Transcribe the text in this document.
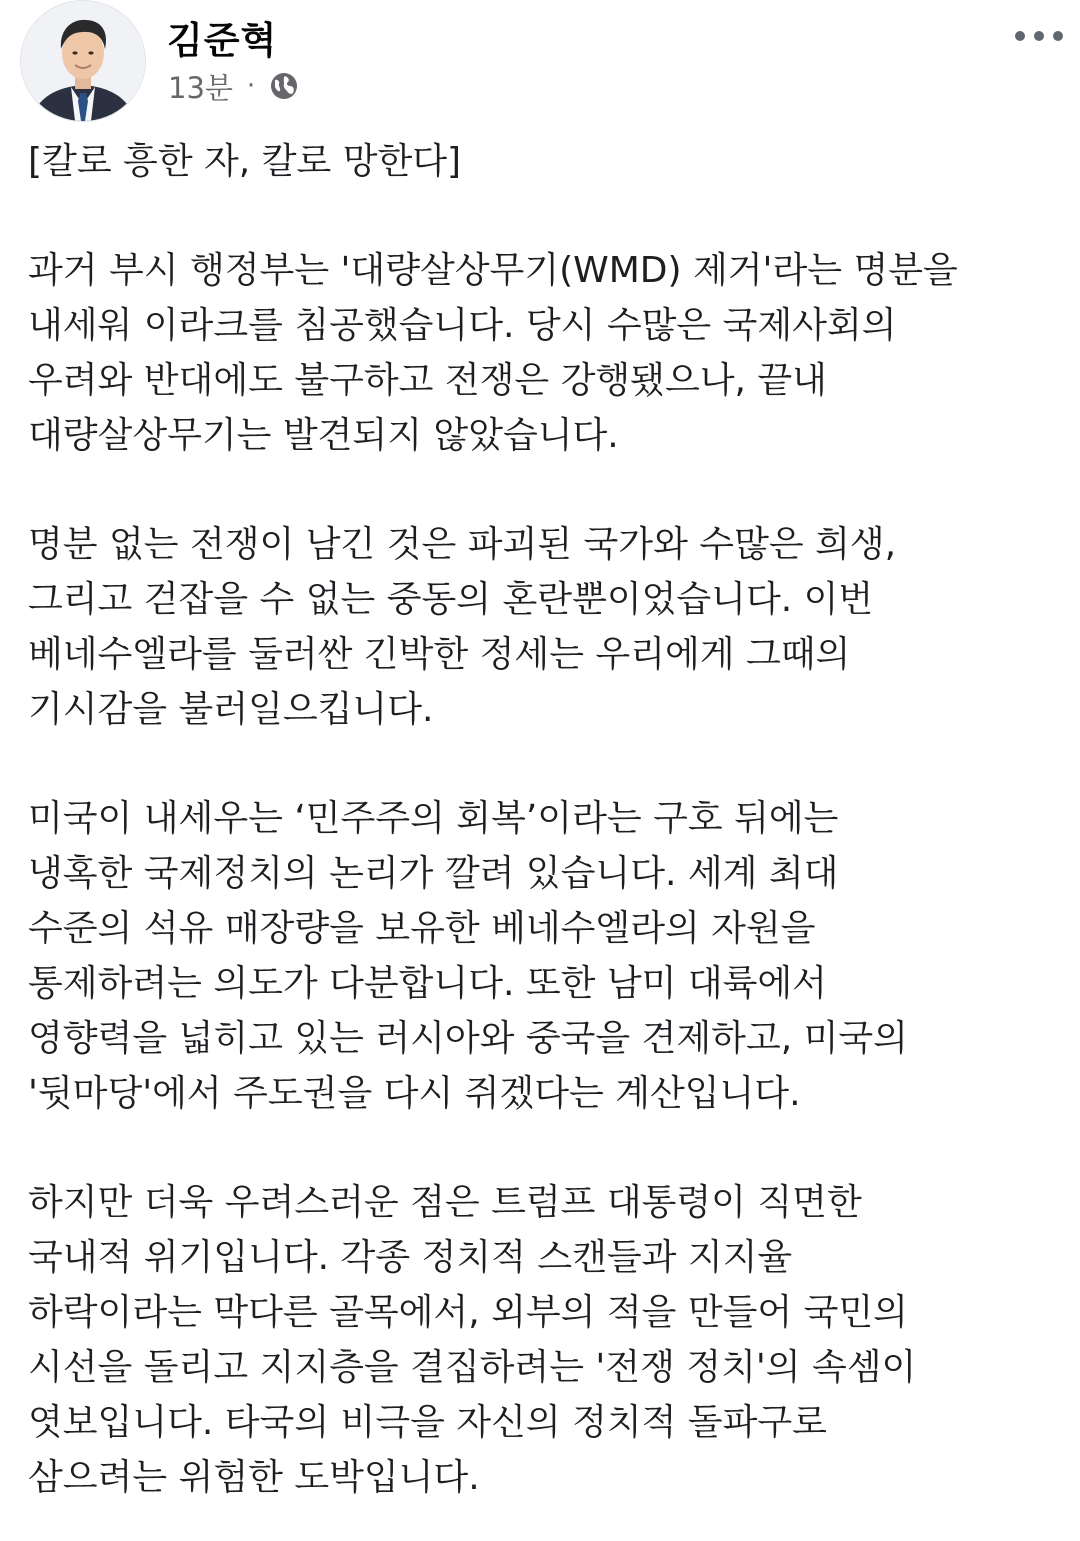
김준혁
13분 ·
[칼로 흥한 자, 칼로 망한다]
과거 부시 행정부는 '대량살상무기(WMD) 제거'라는 명분을
내세워 이라크를 침공했습니다. 당시 수많은 국제사회의
우려와 반대에도 불구하고 전쟁은 강행됐으나, 끝내
대량살상무기는 발견되지 않았습니다.
명분 없는 전쟁이 남긴 것은 파괴된 국가와 수많은 희생,
그리고 걷잡을 수 없는 중동의 혼란뿐이었습니다. 이번
베네수엘라를 둘러싼 긴박한 정세는 우리에게 그때의
기시감을 불러일으킵니다.
미국이 내세우는 ‘민주주의 회복’이라는 구호 뒤에는
냉혹한 국제정치의 논리가 깔려 있습니다. 세계 최대
수준의 석유 매장량을 보유한 베네수엘라의 자원을
통제하려는 의도가 다분합니다. 또한 남미 대륙에서
영향력을 넓히고 있는 러시아와 중국을 견제하고, 미국의
'뒷마당'에서 주도권을 다시 쥐겠다는 계산입니다.
하지만 더욱 우려스러운 점은 트럼프 대통령이 직면한
국내적 위기입니다. 각종 정치적 스캔들과 지지율
하락이라는 막다른 골목에서, 외부의 적을 만들어 국민의
시선을 돌리고 지지층을 결집하려는 '전쟁 정치'의 속셈이
엿보입니다. 타국의 비극을 자신의 정치적 돌파구로
삼으려는 위험한 도박입니다.
